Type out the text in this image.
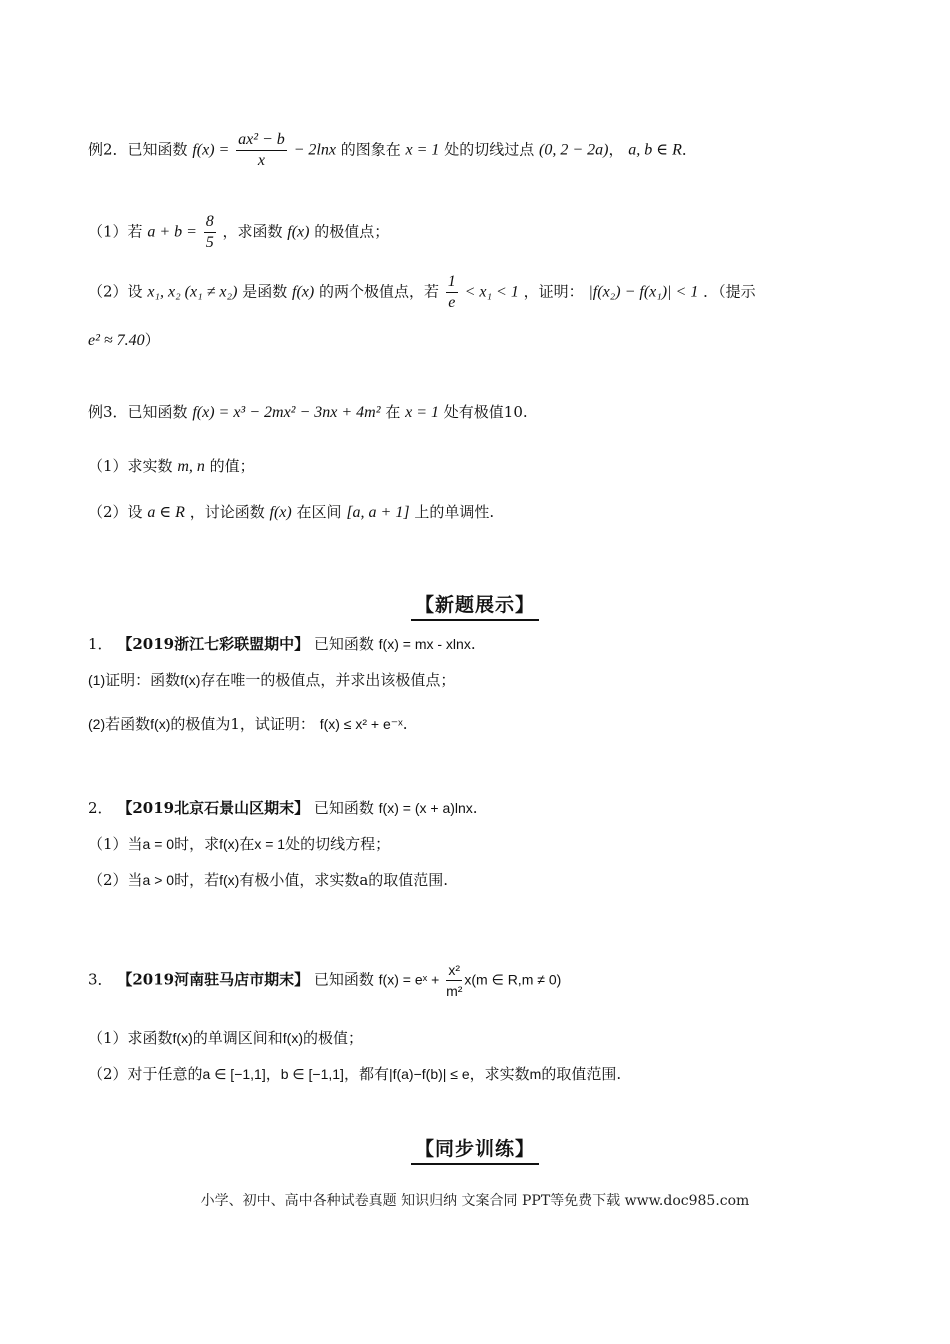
例2．已知函数 $f(x) = \frac{\text{ax² − b}}{x} - 2\ln x$ 的图象在 x = 1 处的切线过点 (0, 2 − 2a)， a, b ∈ R．
（1）若 $a + b = \frac{8}{5}$ ，求函数 f(x) 的极值点；
（2）设 x₁, x₂ (x₁ ≠ x₂) 是函数 f(x) 的两个极值点，若 $\frac{1}{e} < x_1 < 1$ ，证明： |f(x₂) − f(x₁)| < 1 ．（提示
e² ≈ 7.40）
例3．已知函数 f(x) = x³ − 2mx² − 3nx + 4m² 在 x = 1 处有极值10.
（1）求实数 m, n 的值；
（2）设 a ∈ R ，讨论函数 f(x) 在区间 [a, a + 1] 上的单调性.
【新题展示】
1． 【2019浙江七彩联盟期中】 已知函数 f(x) = mx - xlnx.
(1)证明：函数f(x)存在唯一的极值点，并求出该极值点；
(2)若函数f(x)的极值为1，试证明： f(x) ≤ x² + e⁻ˣ.
2． 【2019北京石景山区期末】 已知函数 f(x) = (x + a)lnx.
（1）当a = 0时，求f(x)在x = 1处的切线方程；
（2）当a > 0时，若f(x)有极小值，求实数a的取值范围.
3． 【2019河南驻马店市期末】 已知函数 f(x) = eˣ + $\frac{\text{x²}}{\text{m²}} x(m$ ∈ R,m ≠ 0)
（1）求函数f(x)的单调区间和f(x)的极值；
（2）对于任意的a ∈ [−1,1]，b ∈ [−1,1]，都有|f(a)−f(b)| ≤ e，求实数m的取值范围.
【同步训练】
小学、初中、高中各种试卷真题 知识归纳 文案合同 PPT等免费下载 www.doc985.com
